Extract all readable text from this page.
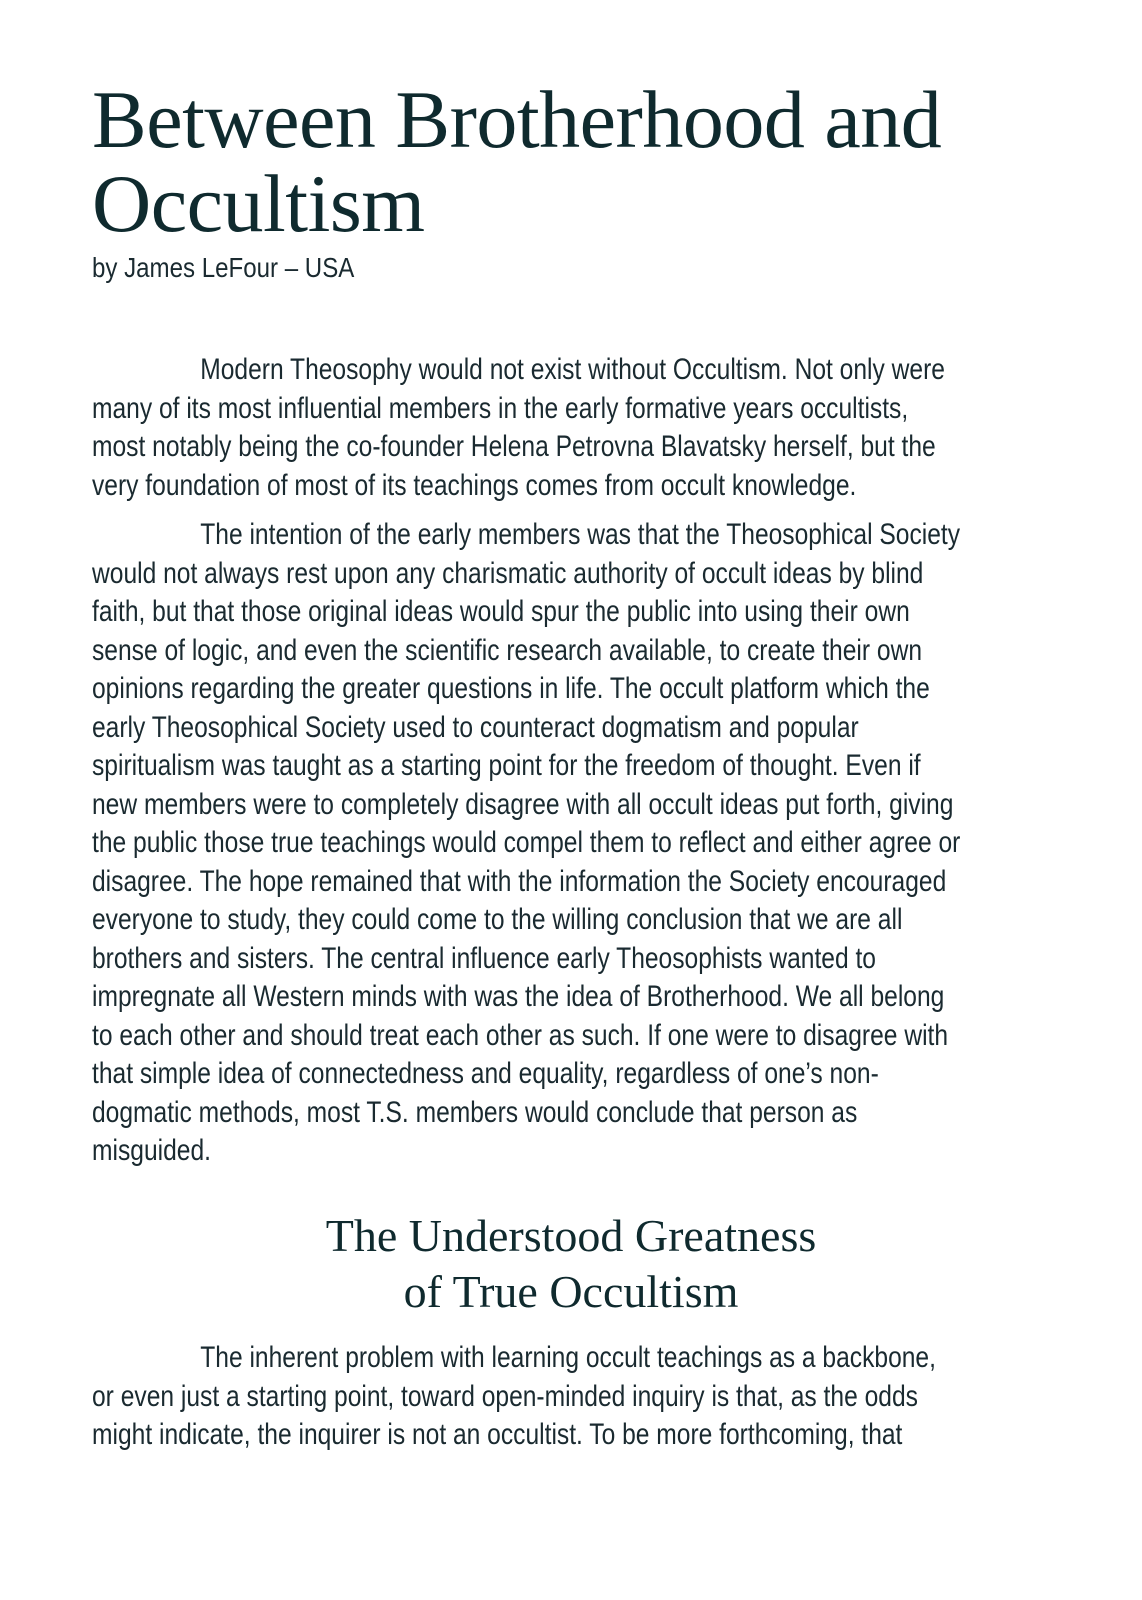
Between Brotherhood and Occultism

by James LeFour – USA

Modern Theosophy would not exist without Occultism. Not only were many of its most influential members in the early formative years occultists, most notably being the co-founder Helena Petrovna Blavatsky herself, but the very foundation of most of its teachings comes from occult knowledge.

The intention of the early members was that the Theosophical Society would not always rest upon any charismatic authority of occult ideas by blind faith, but that those original ideas would spur the public into using their own sense of logic, and even the scientific research available, to create their own opinions regarding the greater questions in life. The occult platform which the early Theosophical Society used to counteract dogmatism and popular spiritualism was taught as a starting point for the freedom of thought. Even if new members were to completely disagree with all occult ideas put forth, giving the public those true teachings would compel them to reflect and either agree or disagree. The hope remained that with the information the Society encouraged everyone to study, they could come to the willing conclusion that we are all brothers and sisters. The central influence early Theosophists wanted to impregnate all Western minds with was the idea of Brotherhood. We all belong to each other and should treat each other as such. If one were to disagree with that simple idea of connectedness and equality, regardless of one’s non-dogmatic methods, most T.S. members would conclude that person as misguided.

The Understood Greatness
of True Occultism

The inherent problem with learning occult teachings as a backbone, or even just a starting point, toward open-minded inquiry is that, as the odds might indicate, the inquirer is not an occultist. To be more forthcoming, that
